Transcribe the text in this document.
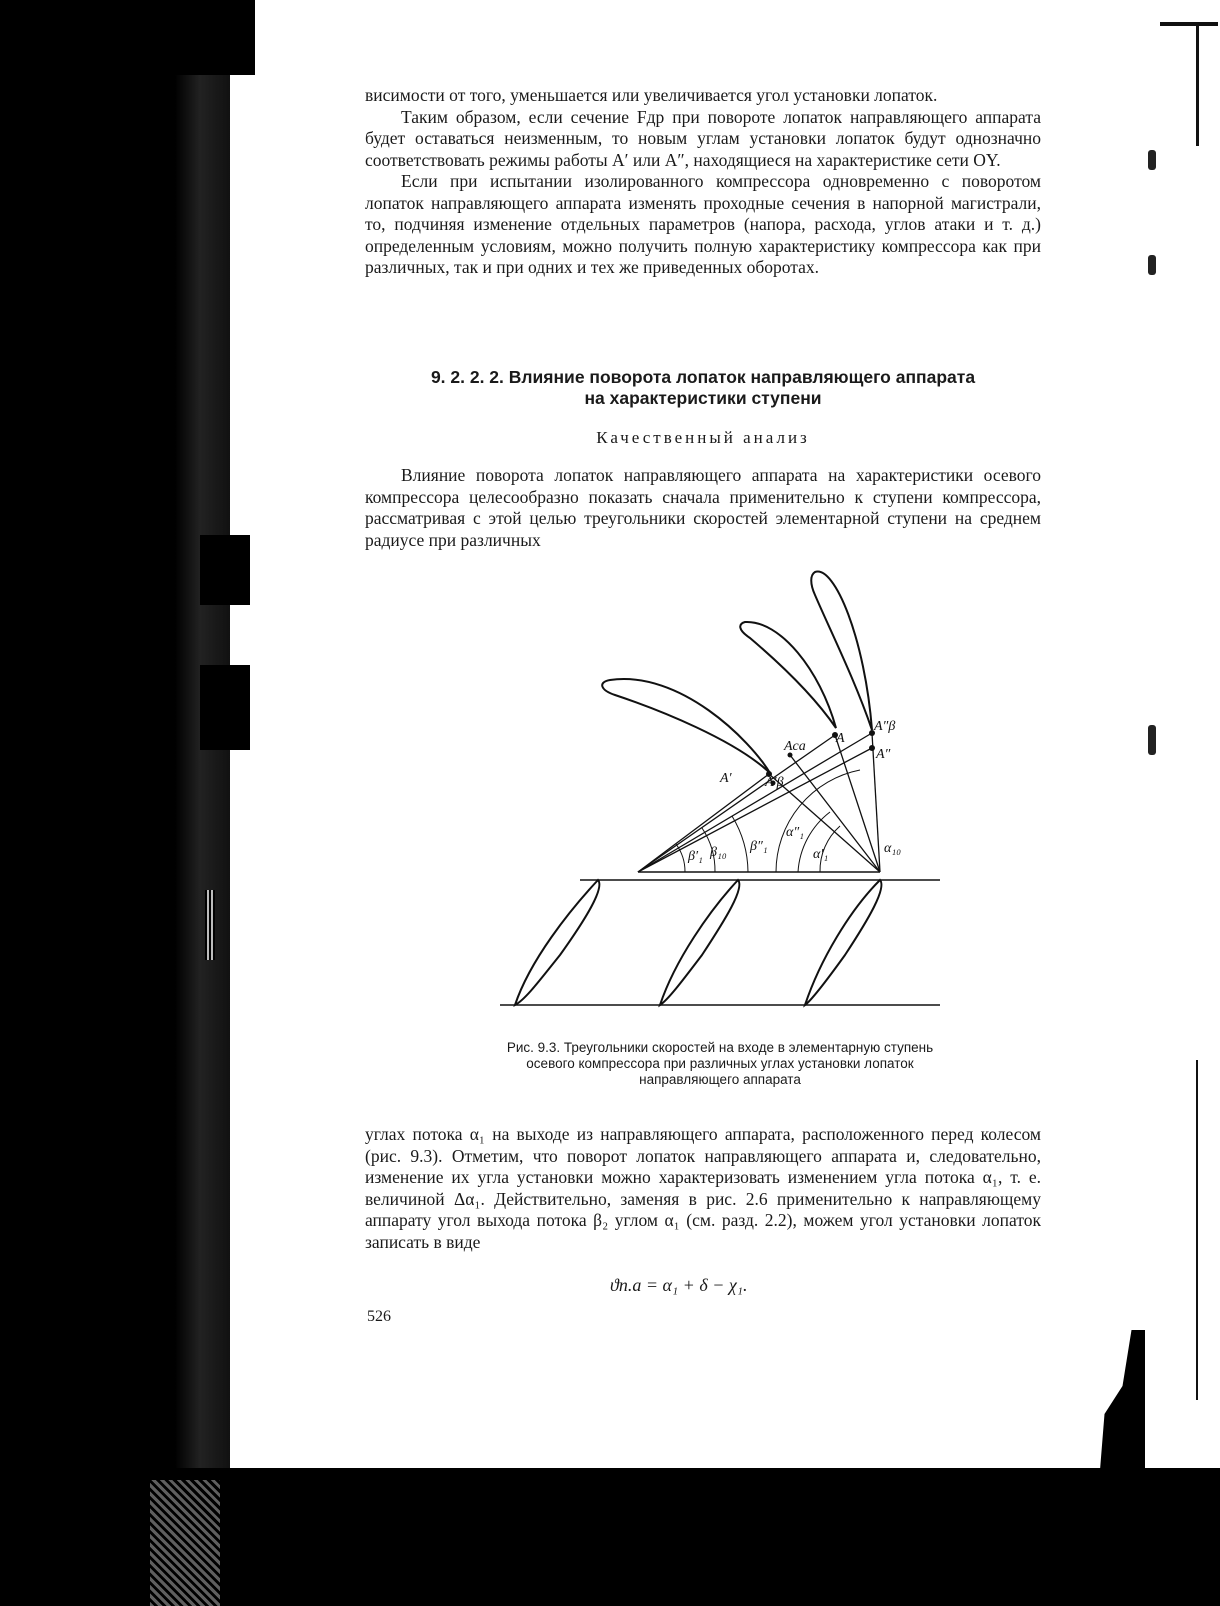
висимости от того, уменьшается или увеличивается угол установки лопаток.

Таким образом, если сечение Fдр при повороте лопаток направляющего аппарата будет оставаться неизменным, то новым углам установки лопаток будут однозначно соответствовать режимы работы A′ или A″, находящиеся на характеристике сети OY.

Если при испытании изолированного компрессора одновременно с поворотом лопаток направляющего аппарата изменять проходные сечения в напорной магистрали, то, подчиняя изменение отдельных параметров (напора, расхода, углов атаки и т. д.) определенным условиям, можно получить полную характеристику компрессора как при различных, так и при одних и тех же приведенных оборотах.

9. 2. 2. 2. Влияние поворота лопаток направляющего аппарата
на характеристики ступени
Качественный анализ

Влияние поворота лопаток направляющего аппарата на характеристики осевого компрессора целесообразно показать сначала применительно к ступени компрессора, рассматривая с этой целью треугольники скоростей элементарной ступени на среднем радиусе при различных

A′ A′β
Aca
A
A″β
A″
β′₁ β₁₀ β″₁
α″₁
α′₁	α₁₀
Рис. 9.3. Треугольники скоростей на входе в элементарную ступень осевого компрессора при различных углах установки лопаток направляющего аппарата

углах потока α₁ на выходе из направляющего аппарата, расположенного перед колесом (рис. 9.3). Отметим, что поворот лопаток направляющего аппарата и, следовательно, изменение их угла установки можно характеризовать изменением угла потока α₁, т. е. величиной Δα₁. Действительно, заменяя в рис. 2.6 применительно к направляющему аппарату угол выхода потока β₂ углом α₁ (см. разд. 2.2), можем угол установки лопаток записать в виде

ϑп.а = α₁ + δ − χ₁.
526
